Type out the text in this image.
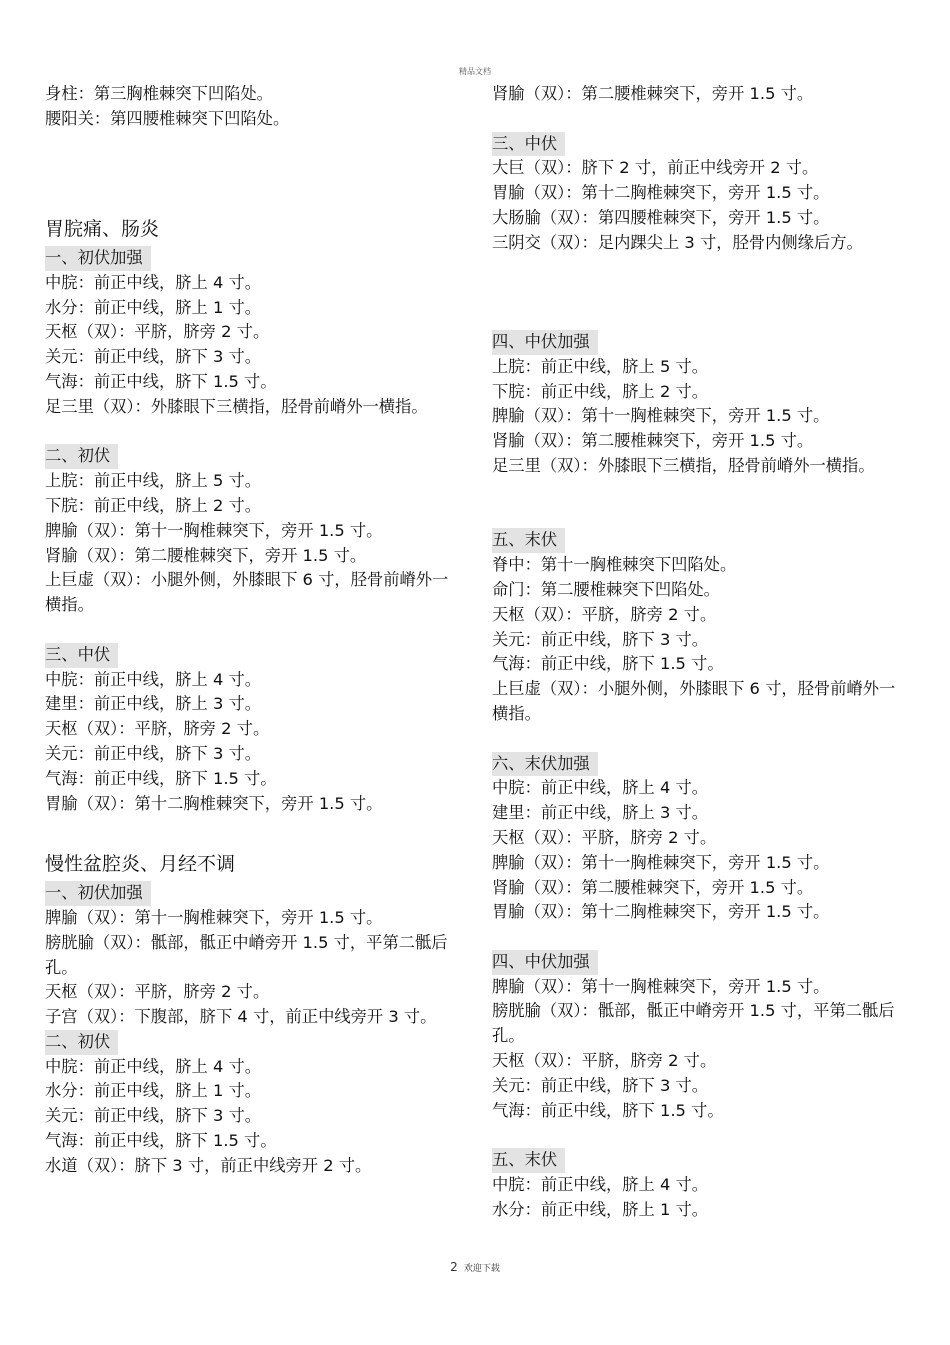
精品文档
身柱：第三胸椎棘突下凹陷处。
腰阳关：第四腰椎棘突下凹陷处。
胃脘痛、肠炎
一、初伏加强
中脘：前正中线，脐上 4 寸。
水分：前正中线，脐上 1 寸。
天枢（双）：平脐，脐旁 2 寸。
关元：前正中线，脐下 3 寸。
气海：前正中线，脐下 1.5 寸。
足三里（双）：外膝眼下三横指，胫骨前嵴外一横指。
二、初伏
上脘：前正中线，脐上 5 寸。
下脘：前正中线，脐上 2 寸。
脾腧（双）：第十一胸椎棘突下，旁开 1.5 寸。
肾腧（双）：第二腰椎棘突下，旁开 1.5 寸。
上巨虚（双）：小腿外侧，外膝眼下 6 寸，胫骨前嵴外一横指。
三、中伏
中脘：前正中线，脐上 4 寸。
建里：前正中线，脐上 3 寸。
天枢（双）：平脐，脐旁 2 寸。
关元：前正中线，脐下 3 寸。
气海：前正中线，脐下 1.5 寸。
胃腧（双）：第十二胸椎棘突下，旁开 1.5 寸。
慢性盆腔炎、月经不调
一、初伏加强
脾腧（双）：第十一胸椎棘突下，旁开 1.5 寸。
膀胱腧（双）：骶部，骶正中嵴旁开 1.5 寸，平第二骶后孔。
天枢（双）：平脐，脐旁 2 寸。
子宫（双）：下腹部，脐下 4 寸，前正中线旁开 3 寸。
二、初伏
中脘：前正中线，脐上 4 寸。
水分：前正中线，脐上 1 寸。
关元：前正中线，脐下 3 寸。
气海：前正中线，脐下 1.5 寸。
水道（双）：脐下 3 寸，前正中线旁开 2 寸。
肾腧（双）：第二腰椎棘突下，旁开 1.5 寸。
三、中伏
大巨（双）：脐下 2 寸，前正中线旁开 2 寸。
胃腧（双）：第十二胸椎棘突下，旁开 1.5 寸。
大肠腧（双）：第四腰椎棘突下，旁开 1.5 寸。
三阴交（双）：足内踝尖上 3 寸，胫骨内侧缘后方。
四、中伏加强
上脘：前正中线，脐上 5 寸。
下脘：前正中线，脐上 2 寸。
脾腧（双）：第十一胸椎棘突下，旁开 1.5 寸。
肾腧（双）：第二腰椎棘突下，旁开 1.5 寸。
足三里（双）：外膝眼下三横指，胫骨前嵴外一横指。
五、末伏
脊中：第十一胸椎棘突下凹陷处。
命门：第二腰椎棘突下凹陷处。
天枢（双）：平脐，脐旁 2 寸。
关元：前正中线，脐下 3 寸。
气海：前正中线，脐下 1.5 寸。
上巨虚（双）：小腿外侧，外膝眼下 6 寸，胫骨前嵴外一横指。
六、末伏加强
中脘：前正中线，脐上 4 寸。
建里：前正中线，脐上 3 寸。
天枢（双）：平脐，脐旁 2 寸。
脾腧（双）：第十一胸椎棘突下，旁开 1.5 寸。
肾腧（双）：第二腰椎棘突下，旁开 1.5 寸。
胃腧（双）：第十二胸椎棘突下，旁开 1.5 寸。
四、中伏加强
脾腧（双）：第十一胸椎棘突下，旁开 1.5 寸。
膀胱腧（双）：骶部，骶正中嵴旁开 1.5 寸，平第二骶后孔。
天枢（双）：平脐，脐旁 2 寸。
关元：前正中线，脐下 3 寸。
气海：前正中线，脐下 1.5 寸。
五、末伏
中脘：前正中线，脐上 4 寸。
水分：前正中线，脐上 1 寸。
2 欢迎下载
